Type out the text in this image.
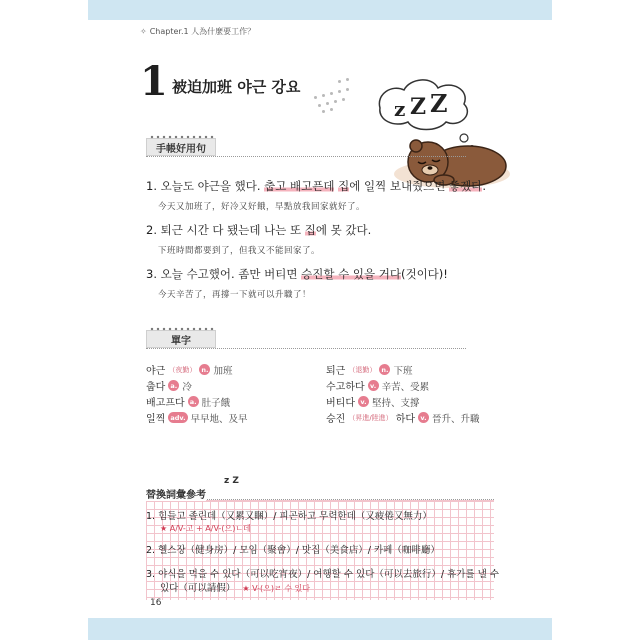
✧ Chapter.1 人為什麼要工作？
1 被迫加班 야근 강요
z Z Z
手帳好用句
1. 오늘도 야근을 했다. 춥고 배고픈데 집에 일찍 보내줬으면 좋겠다.
今天又加班了，好冷又好餓，早點放我回家就好了。
2. 퇴근 시간 다 됐는데 나는 또 집에 못 갔다.
下班時間都要到了，但我又不能回家了。
3. 오늘 수고했어. 좀만 버티면 승진할 수 있을 거다(것이다)!
今天辛苦了，再撐一下就可以升職了！
單字
야근 （夜勤） n. 加班	퇴근 （退勤） n. 下班
춥다 a. 冷	수고하다 v. 辛苦、受累
배고프다 a. 肚子餓	버티다 v. 堅持、支撐
일찍 adv. 早早地、及早	승진 （昇進/陞進） 하다 v. 晉升、升職
替換詞彙參考
z Z
1. 힘들고 졸린데（又累又睏）/ 피곤하고 무력한데（又疲倦又無力）
★ A/V-고 + A/V-(으)ㄴ데
2. 헬스장（健身房）/ 모임（聚會）/ 맛집（美食店）/ 카페（咖啡廳）
3. 야식을 먹을 수 있다（可以吃宵夜）/ 여행할 수 있다（可以去旅行）/ 휴가를 낼 수
있다（可以請假） ★ V-(으)ㄹ 수 있다
16
